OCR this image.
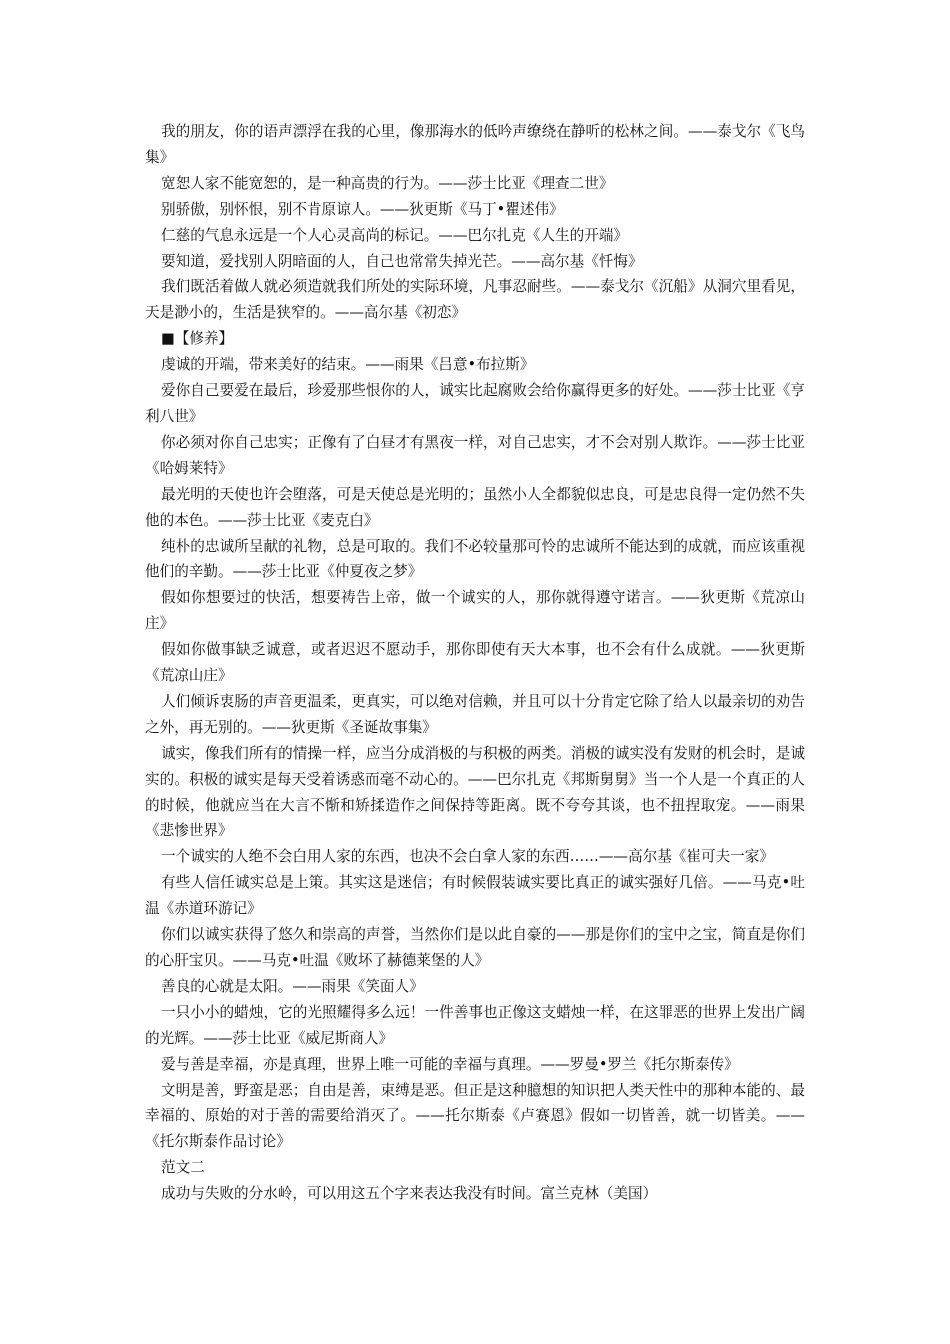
我的朋友，你的语声漂浮在我的心里，像那海水的低吟声缭绕在静听的松林之间。——泰戈尔《飞鸟集》

宽恕人家不能宽恕的，是一种高贵的行为。——莎士比亚《理查二世》

别骄傲，别怀恨，别不肯原谅人。——狄更斯《马丁•瞿述伟》

仁慈的气息永远是一个人心灵高尚的标记。——巴尔扎克《人生的开端》

要知道，爱找别人阴暗面的人，自己也常常失掉光芒。——高尔基《忏悔》

我们既活着做人就必须造就我们所处的实际环境，凡事忍耐些。——泰戈尔《沉船》从洞穴里看见，天是渺小的，生活是狭窄的。——高尔基《初恋》

■【修养】

虔诚的开端，带来美好的结束。——雨果《吕意•布拉斯》

爱你自己要爱在最后，珍爱那些恨你的人，诚实比起腐败会给你赢得更多的好处。——莎士比亚《亨利八世》

你必须对你自己忠实；正像有了白昼才有黑夜一样，对自己忠实，才不会对别人欺诈。——莎士比亚《哈姆莱特》

最光明的天使也许会堕落，可是天使总是光明的；虽然小人全都貌似忠良，可是忠良得一定仍然不失他的本色。——莎士比亚《麦克白》

纯朴的忠诚所呈献的礼物，总是可取的。我们不必较量那可怜的忠诚所不能达到的成就，而应该重视他们的辛勤。——莎士比亚《仲夏夜之梦》

假如你想要过的快活，想要祷告上帝，做一个诚实的人，那你就得遵守诺言。——狄更斯《荒凉山庄》

假如你做事缺乏诚意，或者迟迟不愿动手，那你即使有天大本事，也不会有什么成就。——狄更斯《荒凉山庄》

人们倾诉衷肠的声音更温柔，更真实，可以绝对信赖，并且可以十分肯定它除了给人以最亲切的劝告之外，再无别的。——狄更斯《圣诞故事集》

诚实，像我们所有的情操一样，应当分成消极的与积极的两类。消极的诚实没有发财的机会时，是诚实的。积极的诚实是每天受着诱惑而毫不动心的。——巴尔扎克《邦斯舅舅》当一个人是一个真正的人的时候，他就应当在大言不惭和矫揉造作之间保持等距离。既不夸夸其谈，也不扭捏取宠。——雨果《悲惨世界》

一个诚实的人绝不会白用人家的东西，也决不会白拿人家的东西……——高尔基《崔可夫一家》

有些人信任诚实总是上策。其实这是迷信；有时候假装诚实要比真正的诚实强好几倍。——马克•吐温《赤道环游记》

你们以诚实获得了悠久和崇高的声誉，当然你们是以此自豪的——那是你们的宝中之宝，简直是你们的心肝宝贝。——马克•吐温《败坏了赫德莱堡的人》

善良的心就是太阳。——雨果《笑面人》

一只小小的蜡烛，它的光照耀得多么远！一件善事也正像这支蜡烛一样，在这罪恶的世界上发出广阔的光辉。——莎士比亚《威尼斯商人》

爱与善是幸福，亦是真理，世界上唯一可能的幸福与真理。——罗曼•罗兰《托尔斯泰传》

文明是善，野蛮是恶；自由是善，束缚是恶。但正是这种臆想的知识把人类天性中的那种本能的、最幸福的、原始的对于善的需要给消灭了。——托尔斯泰《卢赛恩》假如一切皆善，就一切皆美。——《托尔斯泰作品讨论》

范文二

成功与失败的分水岭，可以用这五个字来表达我没有时间。富兰克林（美国）
